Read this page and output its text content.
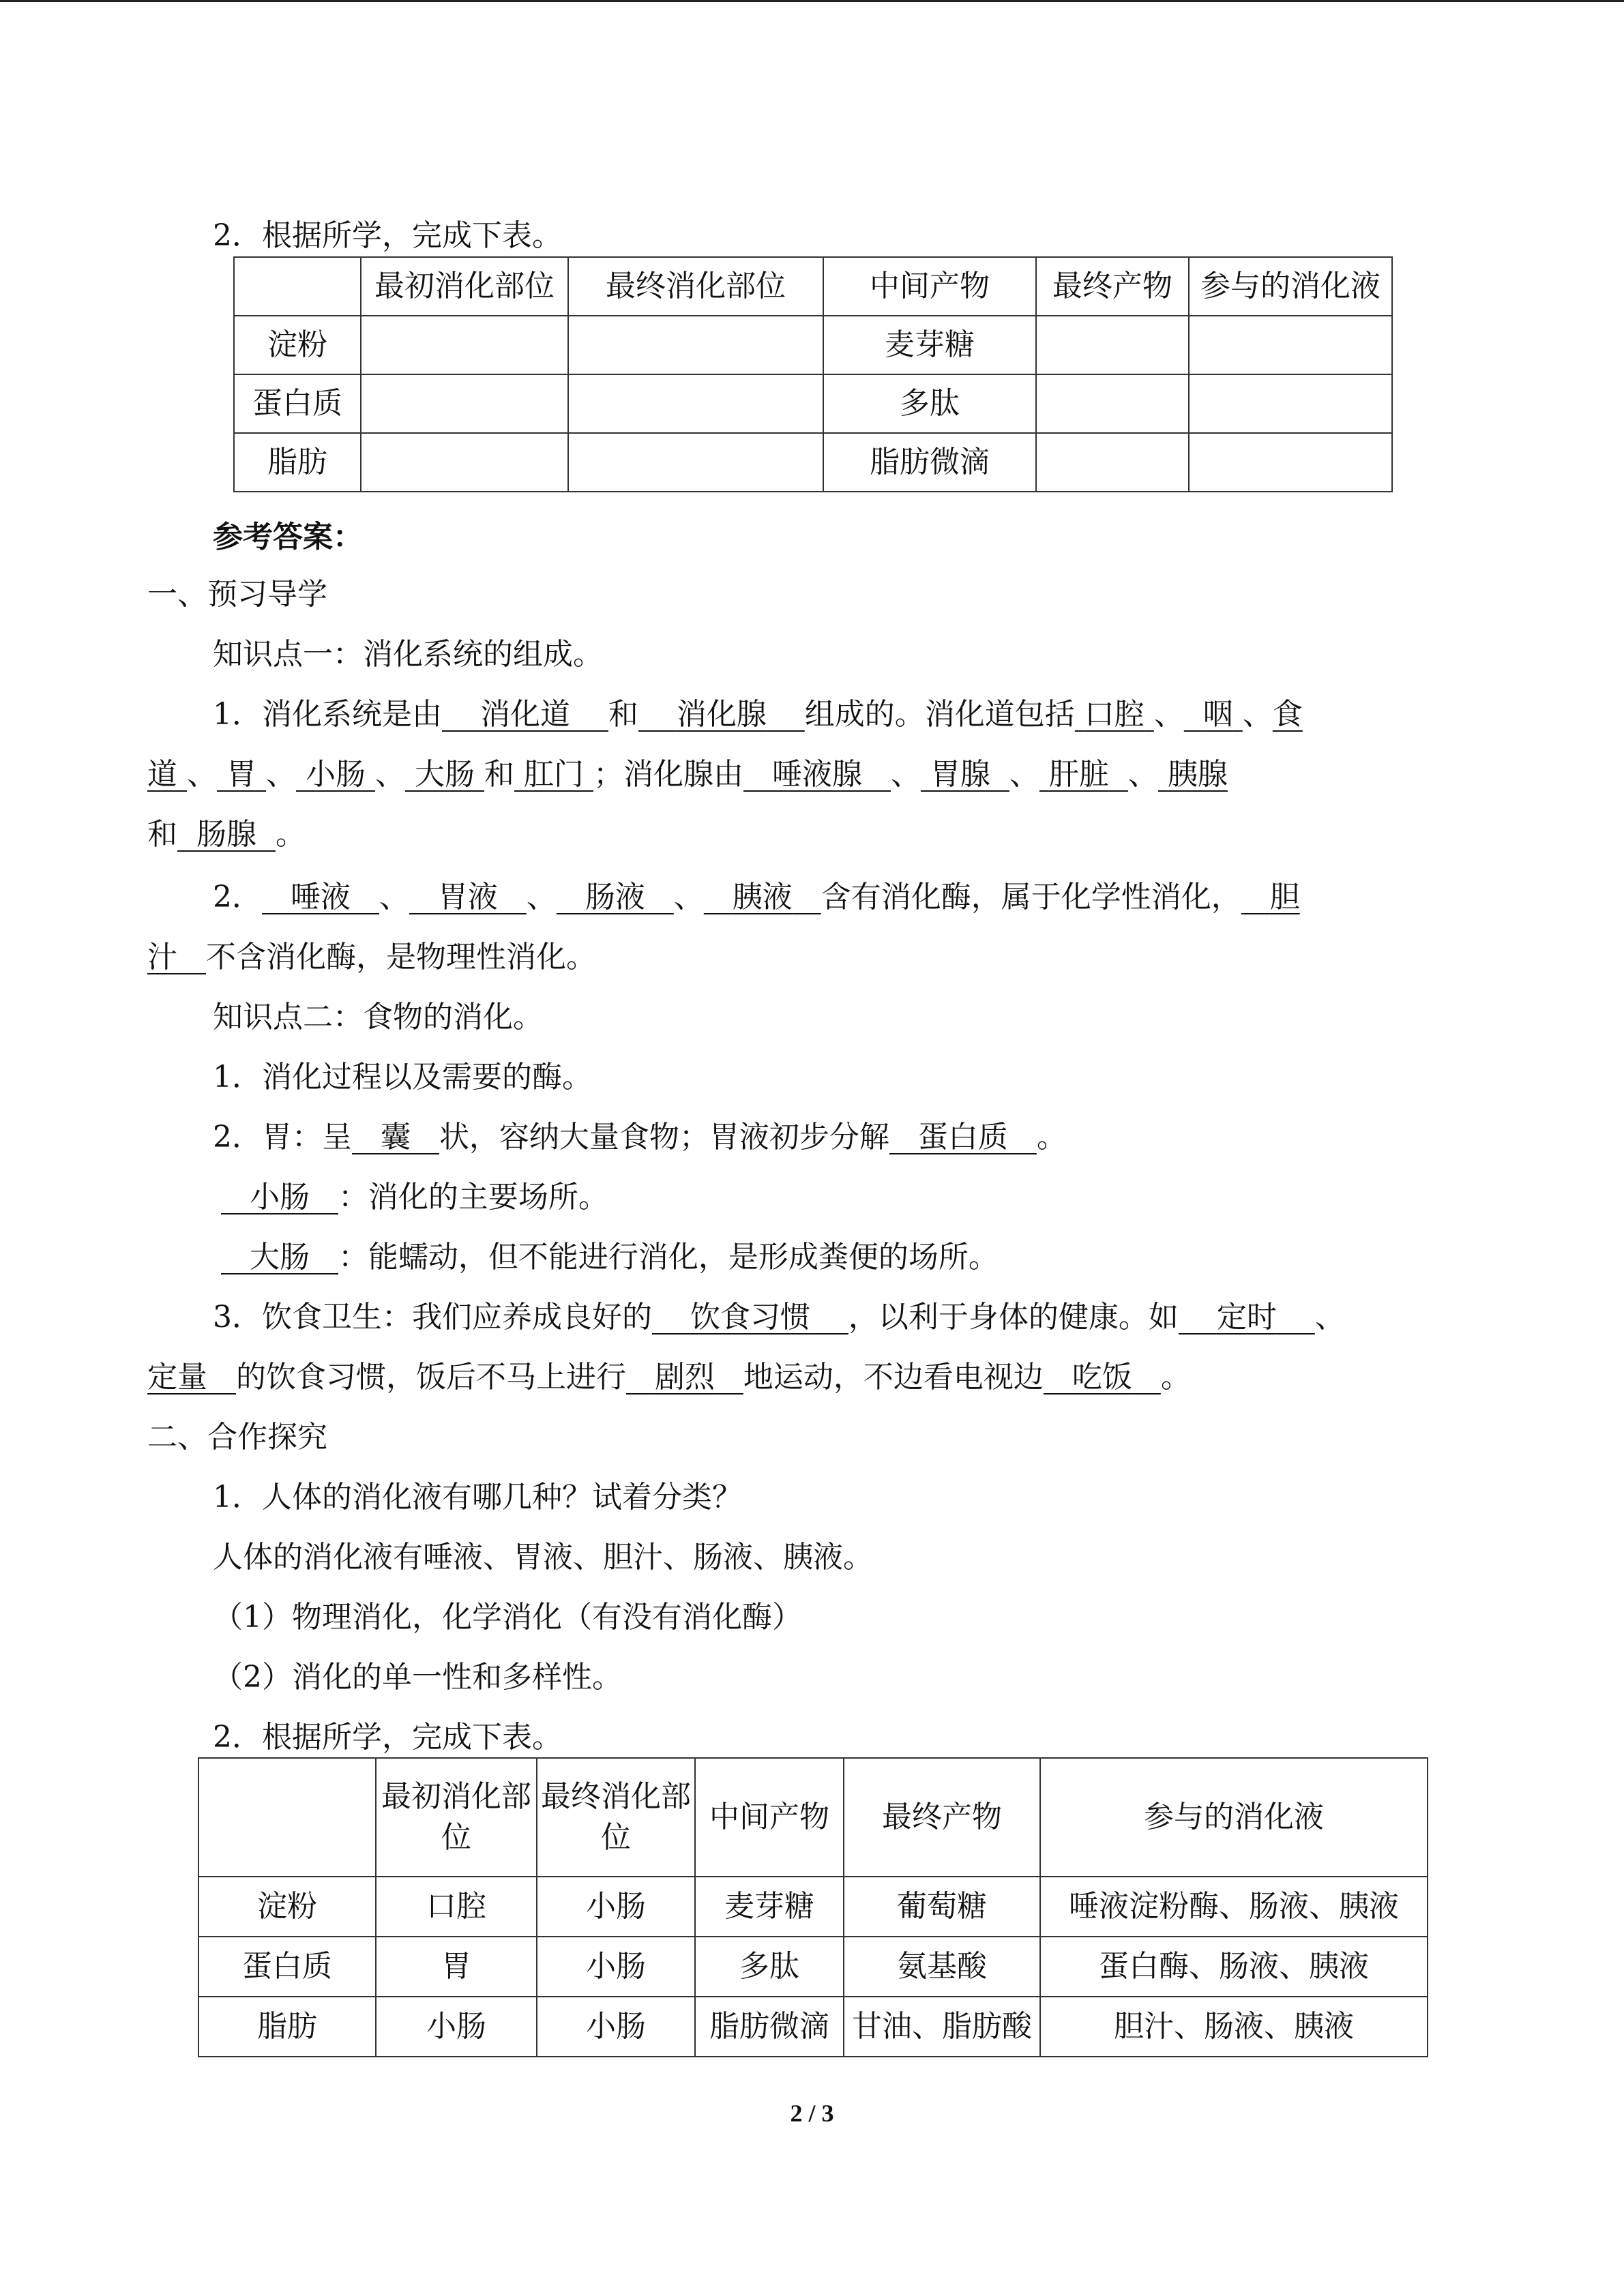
2．根据所学，完成下表。
	最初消化部位	最终消化部位	中间产物	最终产物	参与的消化液
淀粉			麦芽糖		
蛋白质			多肽		
脂肪			脂肪微滴		
参考答案：
一、预习导学
知识点一：消化系统的组成。
1．消化系统是由 消化道 和 消化腺 组成的。消化道包括 口腔 、 咽 、食
道 、 胃 、 小肠 、 大肠 和 肛门 ；消化腺由 唾液腺 、 胃腺 、 肝脏 、 胰腺
和 肠腺 。
2． 唾液 、 胃液 、 肠液 、 胰液 含有消化酶，属于化学性消化， 胆
汁 不含消化酶，是物理性消化。
知识点二：食物的消化。
1．消化过程以及需要的酶。
2．胃：呈 囊 状，容纳大量食物；胃液初步分解 蛋白质 。
小肠 ：消化的主要场所。
大肠 ：能蠕动，但不能进行消化，是形成粪便的场所。
3．饮食卫生：我们应养成良好的 饮食习惯 ，以利于身体的健康。如 定时 、
定量 的饮食习惯，饭后不马上进行 剧烈 地运动，不边看电视边 吃饭 。
二、合作探究
1．人体的消化液有哪几种？试着分类？
人体的消化液有唾液、胃液、胆汁、肠液、胰液。
（1）物理消化，化学消化（有没有消化酶）
（2）消化的单一性和多样性。
2．根据所学，完成下表。
	最初消化部位	最终消化部位	中间产物	最终产物	参与的消化液
淀粉	口腔	小肠	麦芽糖	葡萄糖	唾液淀粉酶、肠液、胰液
蛋白质	胃	小肠	多肽	氨基酸	蛋白酶、肠液、胰液
脂肪	小肠	小肠	脂肪微滴	甘油、脂肪酸	胆汁、肠液、胰液
2 / 3
